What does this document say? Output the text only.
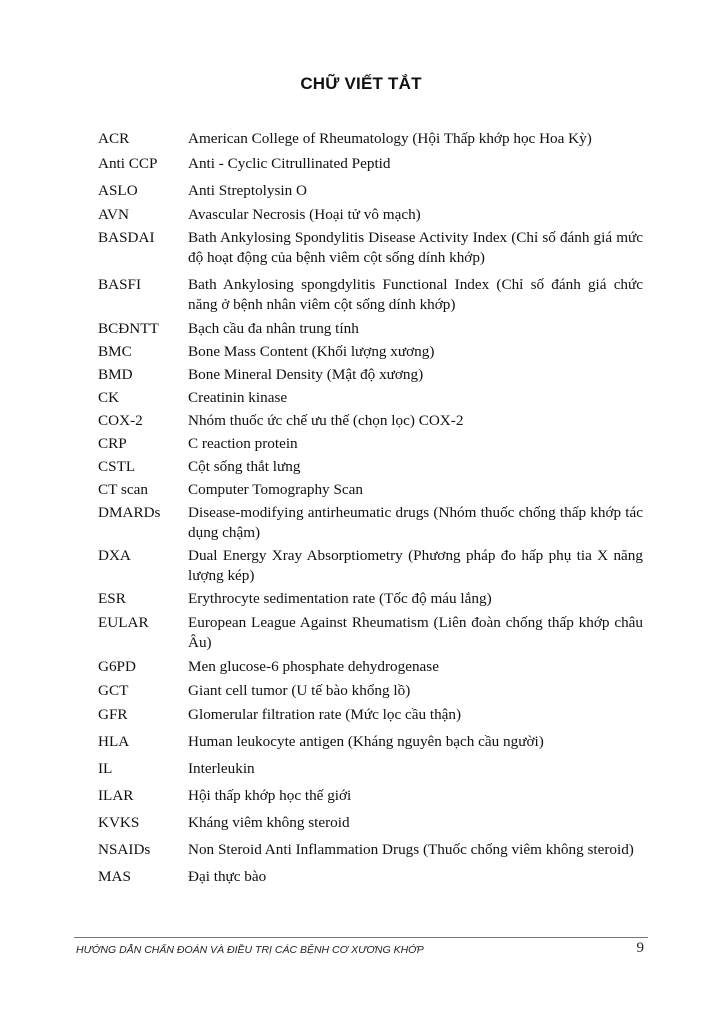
CHỮ VIẾT TẮT
ACR	American College of Rheumatology (Hội Thấp khớp học Hoa Kỳ)
Anti CCP	Anti - Cyclic Citrullinated Peptid
ASLO	Anti Streptolysin O
AVN	Avascular Necrosis (Hoại tử vô mạch)
BASDAI	Bath Ankylosing Spondylitis Disease Activity Index (Chỉ số đánh giá mức độ hoạt động của bệnh viêm cột sống dính khớp)
BASFI	Bath Ankylosing spongdylitis Functional Index (Chỉ số đánh giá chức năng ở bệnh nhân viêm cột sống dính khớp)
BCĐNTT	Bạch cầu đa nhân trung tính
BMC	Bone Mass Content (Khối lượng xương)
BMD	Bone Mineral Density (Mật độ xương)
CK	Creatinin kinase
COX-2	Nhóm thuốc ức chế ưu thế (chọn lọc) COX-2
CRP	C reaction protein
CSTL	Cột sống thắt lưng
CT scan	Computer Tomography Scan
DMARDs	Disease-modifying antirheumatic drugs (Nhóm thuốc chống thấp khớp tác dụng chậm)
DXA	Dual Energy Xray Absorptiometry (Phương pháp đo hấp phụ tia X năng lượng kép)
ESR	Erythrocyte sedimentation rate (Tốc độ máu lắng)
EULAR	European League Against Rheumatism (Liên đoàn chống thấp khớp châu Âu)
G6PD	Men glucose-6 phosphate dehydrogenase
GCT	Giant cell tumor (U tế bào khổng lồ)
GFR	Glomerular filtration rate (Mức lọc cầu thận)
HLA	Human leukocyte antigen (Kháng nguyên bạch cầu người)
IL	Interleukin
ILAR	Hội thấp khớp học thế giới
KVKS	Kháng viêm không steroid
NSAIDs	Non Steroid Anti Inflammation Drugs (Thuốc chống viêm không steroid)
MAS	Đại thực bào
HƯỚNG DẪN CHẨN ĐOÁN VÀ ĐIỀU TRỊ CÁC BỆNH CƠ XƯƠNG KHỚP	9
